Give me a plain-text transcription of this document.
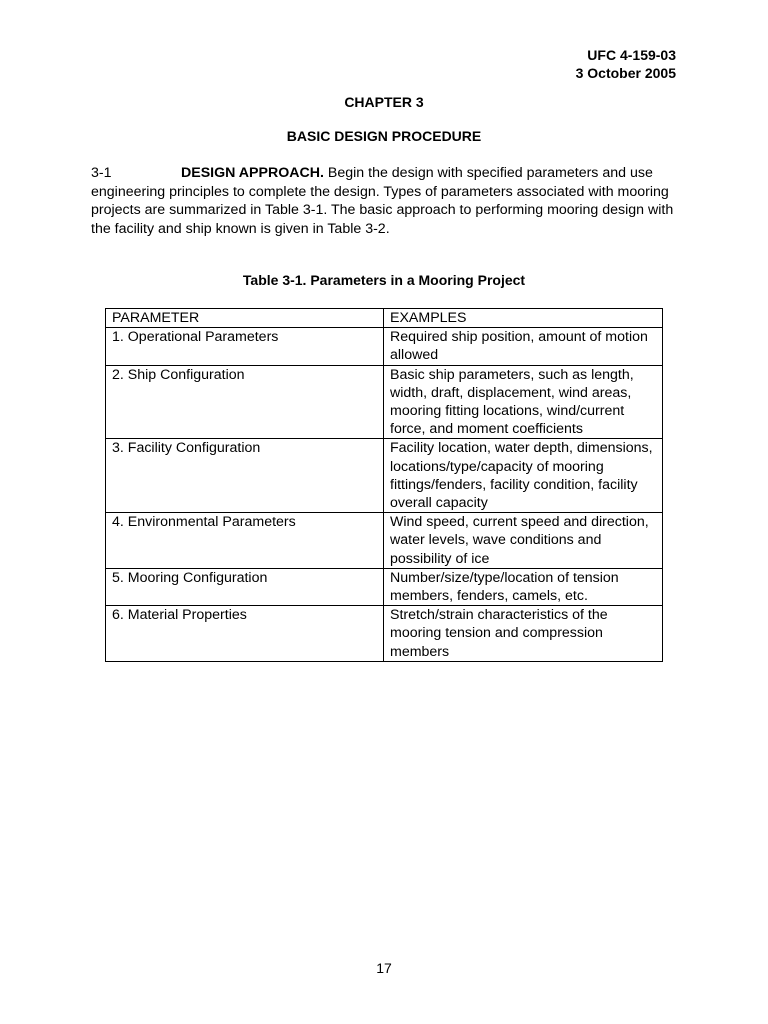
UFC 4-159-03
3 October 2005
CHAPTER 3
BASIC DESIGN PROCEDURE
3-1	DESIGN APPROACH. Begin the design with specified parameters and use engineering principles to complete the design. Types of parameters associated with mooring projects are summarized in Table 3-1. The basic approach to performing mooring design with the facility and ship known is given in Table 3-2.
Table 3-1. Parameters in a Mooring Project
PARAMETER	EXAMPLES
1. Operational Parameters	Required ship position, amount of motion allowed
2. Ship Configuration	Basic ship parameters, such as length, width, draft, displacement, wind areas, mooring fitting locations, wind/current force, and moment coefficients
3. Facility Configuration	Facility location, water depth, dimensions, locations/type/capacity of mooring fittings/fenders, facility condition, facility overall capacity
4. Environmental Parameters	Wind speed, current speed and direction, water levels, wave conditions and possibility of ice
5. Mooring Configuration	Number/size/type/location of tension members, fenders, camels, etc.
6. Material Properties	Stretch/strain characteristics of the mooring tension and compression members
17
